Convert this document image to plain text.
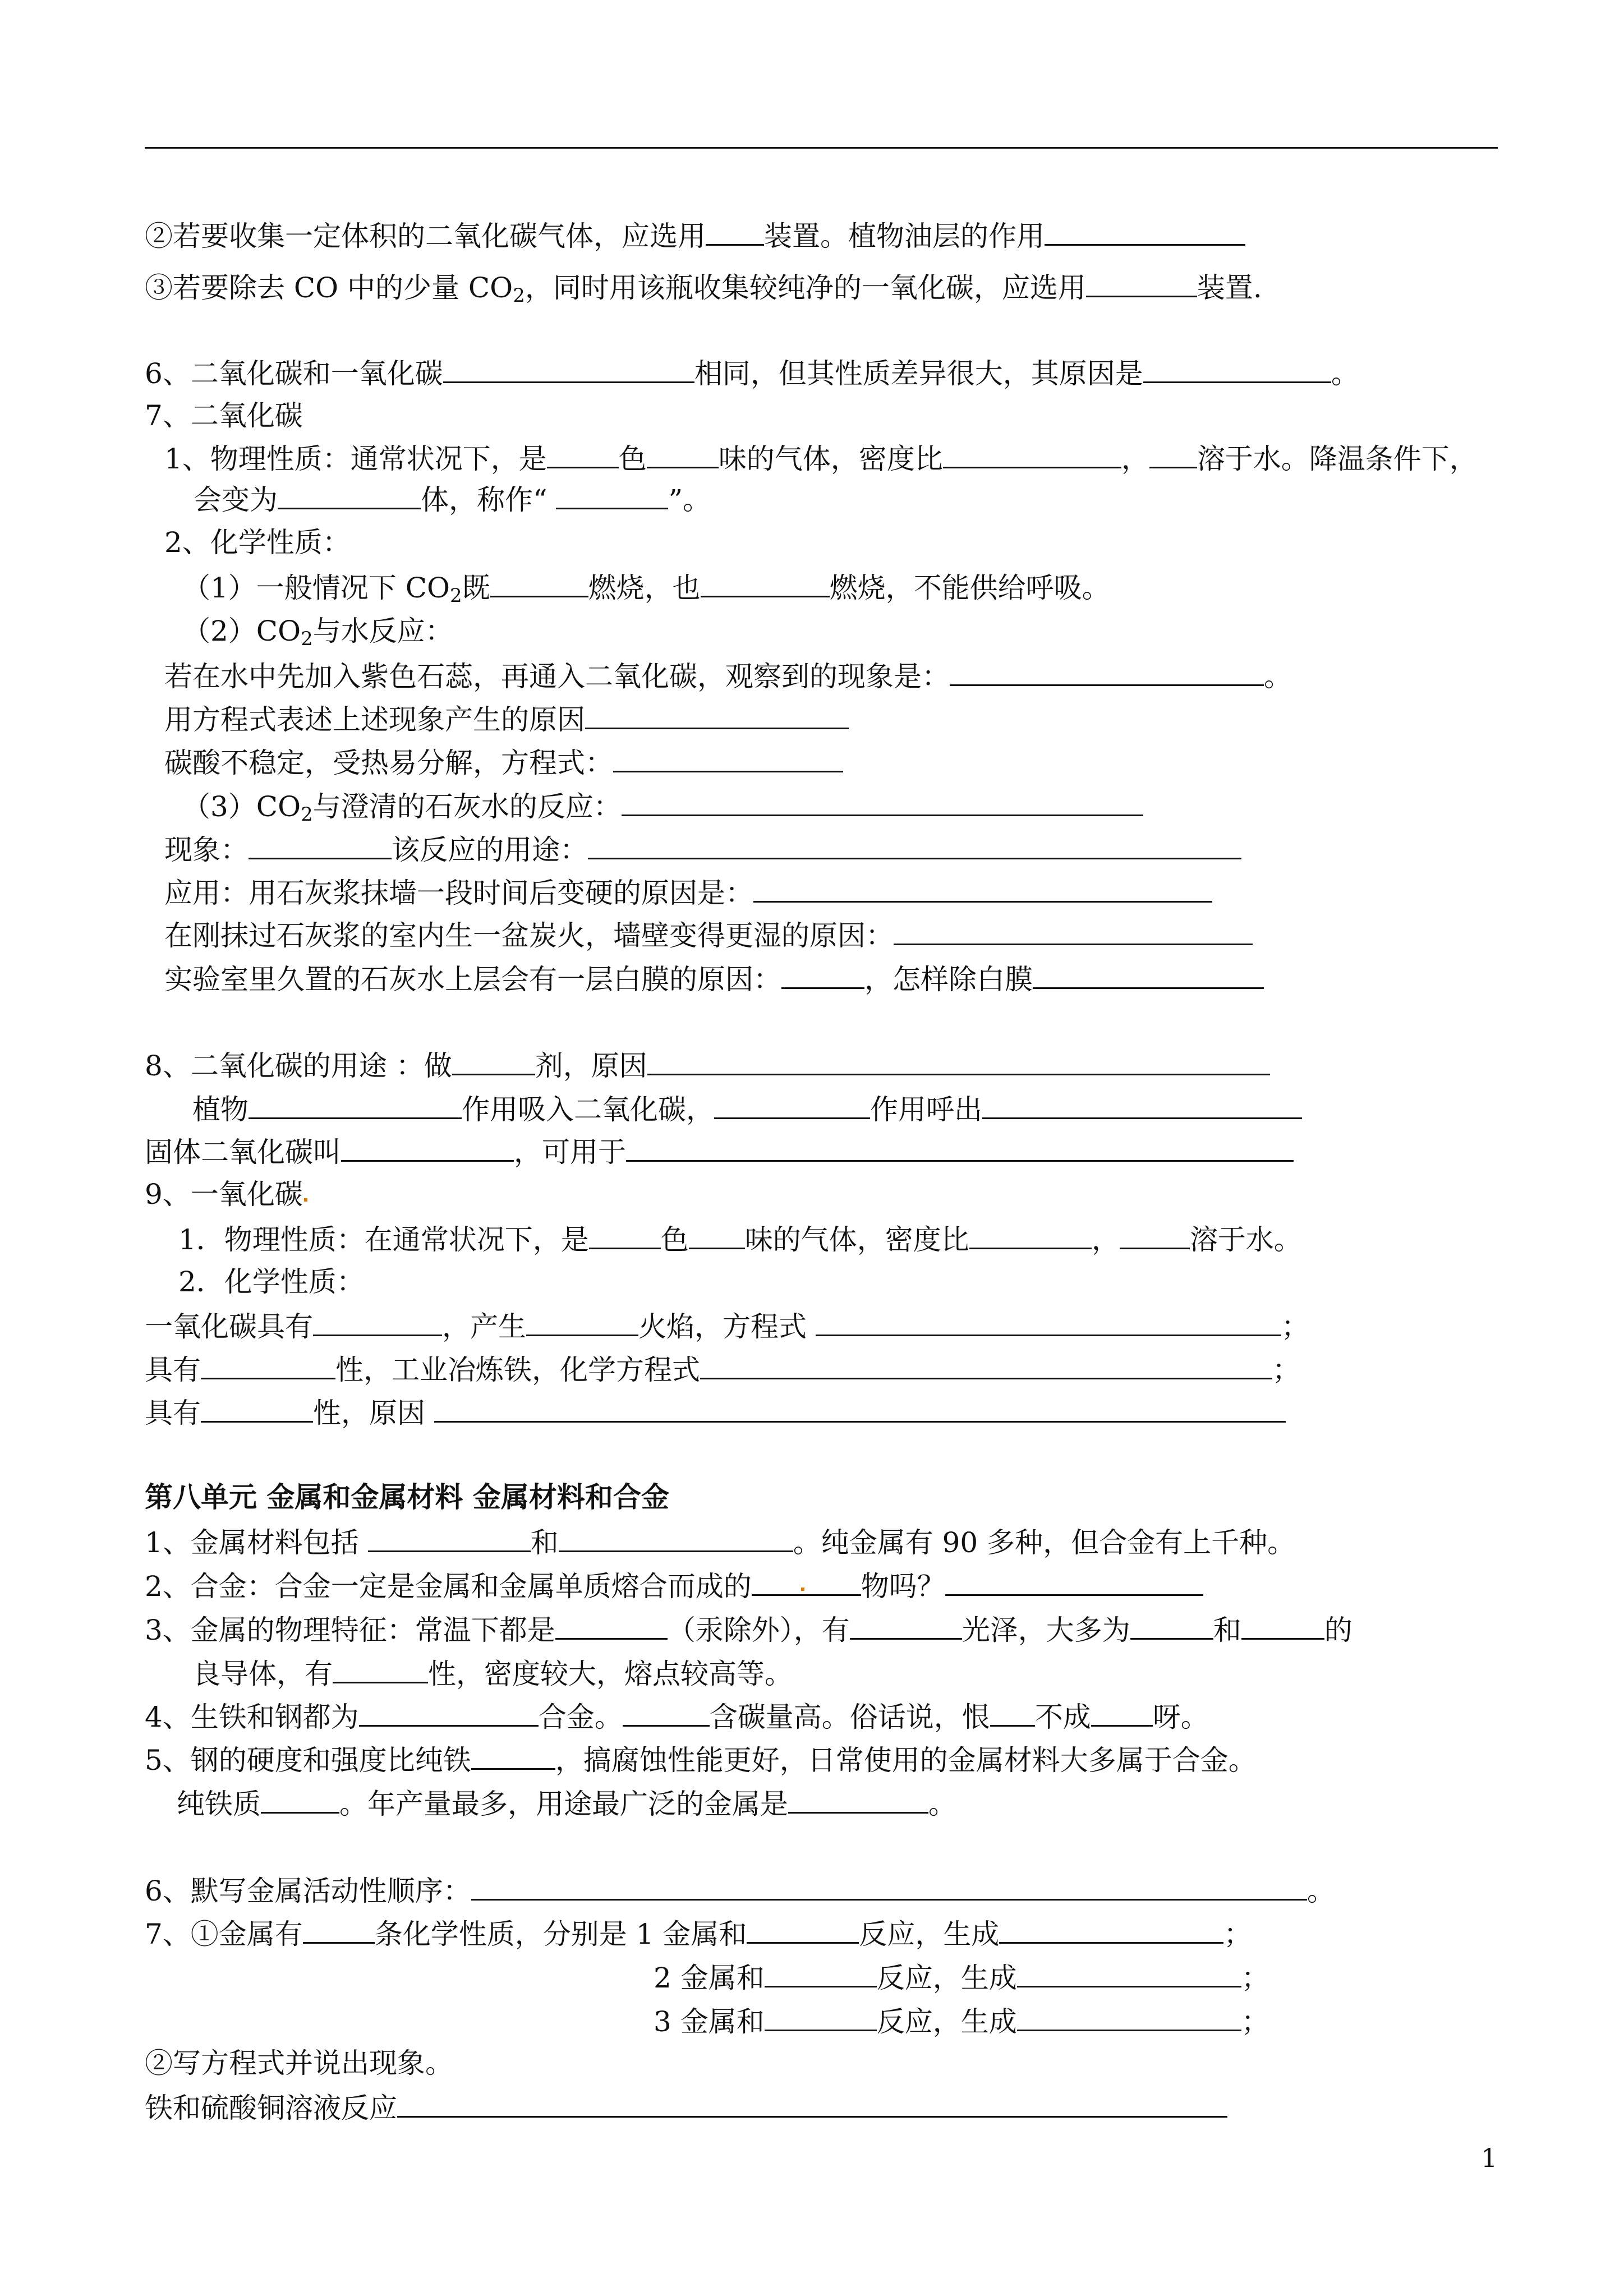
②若要收集一定体积的二氧化碳气体，应选用 装置。植物油层的作用
③若要除去 CO 中的少量 $CO_2$，同时用该瓶收集较纯净的一氧化碳，应选用	装置.
6、二氧化碳和一氧化碳	相同，但其性质差异很大，其原因是	。
7、二氧化碳
1、物理性质：通常状况下，是	色	味的气体，密度比	， 溶于水。降温条件下，
会变为	体，称作“	”。
2、化学性质：
（1）一般情况下 $CO_2$既	燃烧，也	燃烧，不能供给呼吸。
$(2)CO_2$与水反应：
若在水中先加入紫色石蕊，再通入二氧化碳，观察到的现象是：	。
用方程式表述上述现象产生的原因
碳酸不稳定，受热易分解，方程式：
$(3)CO_2$与澄清的石灰水的反应：
现象：	该反应的用途：
应用：用石灰浆抹墙一段时间后变硬的原因是：
在刚抹过石灰浆的室内生一盆炭火，墙壁变得更湿的原因：
实验室里久置的石灰水上层会有一层白膜的原因：	，怎样除白膜
8、二氧化碳的用途 ：做	剂，原因
植物	作用吸入二氧化碳，	作用呼出
固体二氧化碳叫	，可用于
9、一氧化碳
1．物理性质：在通常状况下，是	色 味的气体，密度比	，	溶于水。
2．化学性质：
一氧化碳具有	，产生	火焰，方程式	；
具有	性，工业冶炼铁，化学方程式	；
具有	性，原因
第八单元 金属和金属材料 金属材料和合金
1、金属材料包括	和	。纯金属有 90 多种，但合金有上千种。
2、合金：合金一定是金属和金属单质熔合而成的	物吗？
3、金属的物理特征：常温下都是	（汞除外），有	光泽，大多为	和	的
良导体，有	性，密度较大，熔点较高等。
4、生铁和钢都为	合金。	含碳量高。俗话说，恨 不成 呀。
5、钢的硬度和强度比纯铁	，搞腐蚀性能更好，日常使用的金属材料大多属于合金。
纯铁质	。年产量最多，用途最广泛的金属是	。
6、默写金属活动性顺序：	。
7、①金属有	条化学性质，分别是 1 金属和	反应，生成	；
2 金属和	反应，生成	；
3 金属和	反应，生成	；
②写方程式并说出现象。
铁和硫酸铜溶液反应
1
